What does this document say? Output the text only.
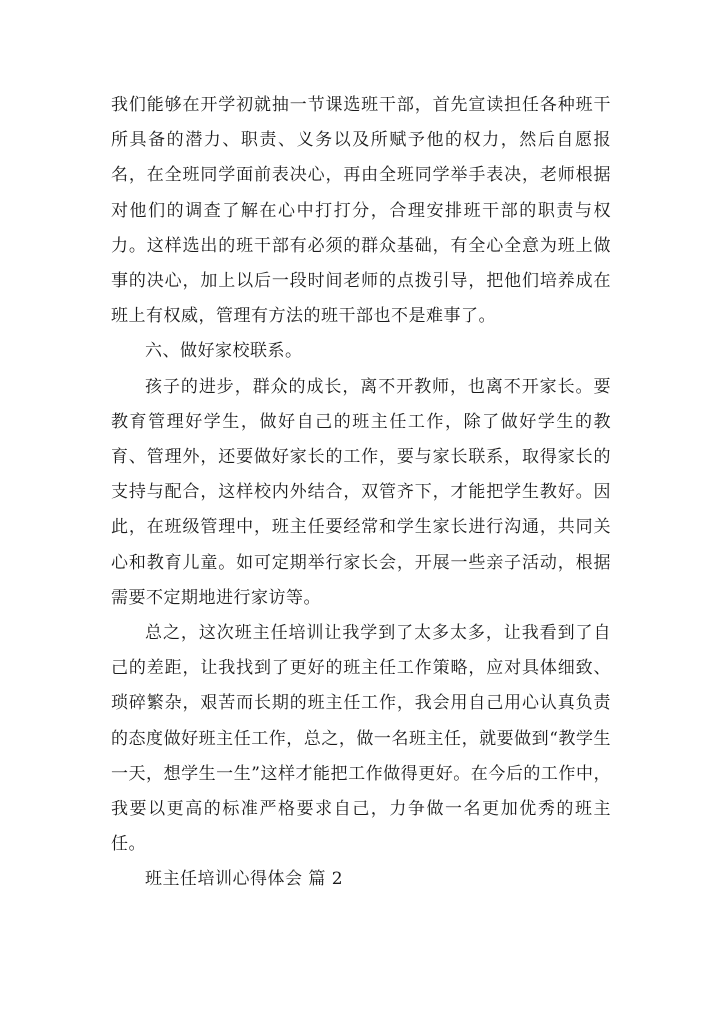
我们能够在开学初就抽一节课选班干部，首先宣读担任各种班干所具备的潜力、职责、义务以及所赋予他的权力，然后自愿报名，在全班同学面前表决心，再由全班同学举手表决，老师根据对他们的调查了解在心中打打分，合理安排班干部的职责与权力。这样选出的班干部有必须的群众基础，有全心全意为班上做事的决心，加上以后一段时间老师的点拨引导，把他们培养成在班上有权威，管理有方法的班干部也不是难事了。

六、做好家校联系。

孩子的进步，群众的成长，离不开教师，也离不开家长。要教育管理好学生，做好自己的班主任工作，除了做好学生的教育、管理外，还要做好家长的工作，要与家长联系，取得家长的支持与配合，这样校内外结合，双管齐下，才能把学生教好。因此，在班级管理中，班主任要经常和学生家长进行沟通，共同关心和教育儿童。如可定期举行家长会，开展一些亲子活动，根据需要不定期地进行家访等。

总之，这次班主任培训让我学到了太多太多，让我看到了自己的差距，让我找到了更好的班主任工作策略，应对具体细致、琐碎繁杂，艰苦而长期的班主任工作，我会用自己用心认真负责的态度做好班主任工作，总之，做一名班主任，就要做到“教学生一天，想学生一生”这样才能把工作做得更好。在今后的工作中，我要以更高的标准严格要求自己，力争做一名更加优秀的班主任。

班主任培训心得体会 篇 2
